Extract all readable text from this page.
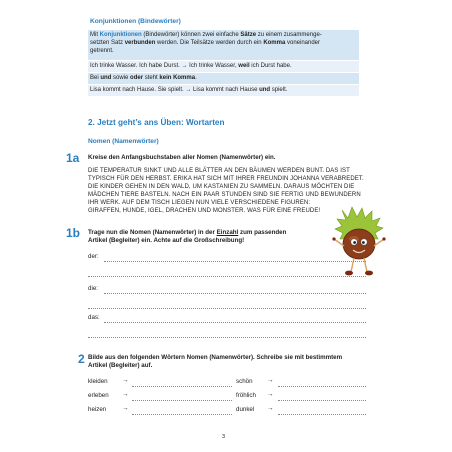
Konjunktionen (Bindewörter)
Mit Konjunktionen (Bindewörter) können zwei einfache Sätze zu einem zusammenge-
setzten Satz verbunden werden. Die Teilsätze werden durch ein Komma voneinander
getrennt.
Ich trinke Wasser. Ich habe Durst. → Ich trinke Wasser, weil ich Durst habe.
Bei und sowie oder steht kein Komma.
Lisa kommt nach Hause. Sie spielt. → Lisa kommt nach Hause und spielt.
2. Jetzt geht’s ans Üben: Wortarten
Nomen (Namenwörter)
1a Kreise den Anfangsbuchstaben aller Nomen (Namenwörter) ein.
DIE TEMPERATUR SINKT UND ALLE BLÄTTER AN DEN BÄUMEN WERDEN BUNT. DAS IST
TYPISCH FÜR DEN HERBST. ERIKA HAT SICH MIT IHRER FREUNDIN JOHANNA VERABREDET.
DIE KINDER GEHEN IN DEN WALD, UM KASTANIEN ZU SAMMELN. DARAUS MÖCHTEN DIE
MÄDCHEN TIERE BASTELN. NACH EIN PAAR STUNDEN SIND SIE FERTIG UND BEWUNDERN
IHR WERK. AUF DEM TISCH LIEGEN NUN VIELE VERSCHIEDENE FIGUREN:
GIRAFFEN, HUNDE, IGEL, DRACHEN UND MONSTER. WAS FÜR EINE FREUDE!
1b Trage nun die Nomen (Namenwörter) in der Einzahl zum passenden
Artikel (Begleiter) ein. Achte auf die Großschreibung!
der:
die:
das:
2 Bilde aus den folgenden Wörtern Nomen (Namenwörter). Schreibe sie mit bestimmtem
Artikel (Begleiter) auf.
kleiden →	schön →
erleben →	fröhlich →
heizen →	dunkel →
3
